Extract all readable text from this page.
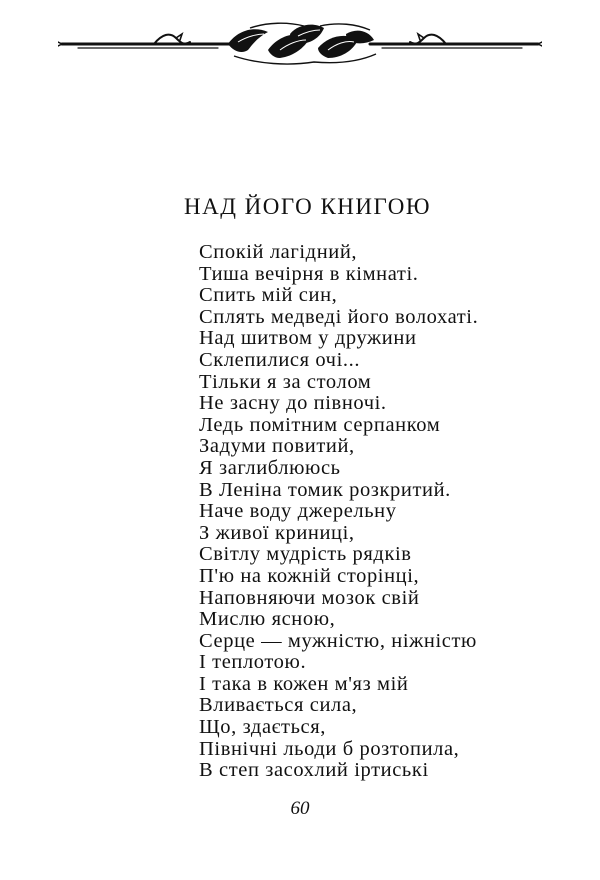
НАД ЙОГО КНИГОЮ
Спокій лагідний,
Тиша вечірня в кімнаті.
Спить мій син,
Сплять медведі його волохаті.
Над шитвом у дружини
Склепилися очі...
Тільки я за столом
Не засну до півночі.
Ледь помітним серпанком
Задуми повитий,
Я заглиблююсь
В Леніна томик розкритий.
Наче воду джерельну
З живої криниці,
Світлу мудрість рядків
П'ю на кожній сторінці,
Наповняючи мозок свій
Мислю ясною,
Серце — мужністю, ніжністю
І теплотою.
І така в кожен м'яз мій
Вливається сила,
Що, здається,
Північні льоди б розтопила,
В степ засохлий іртиські
60
